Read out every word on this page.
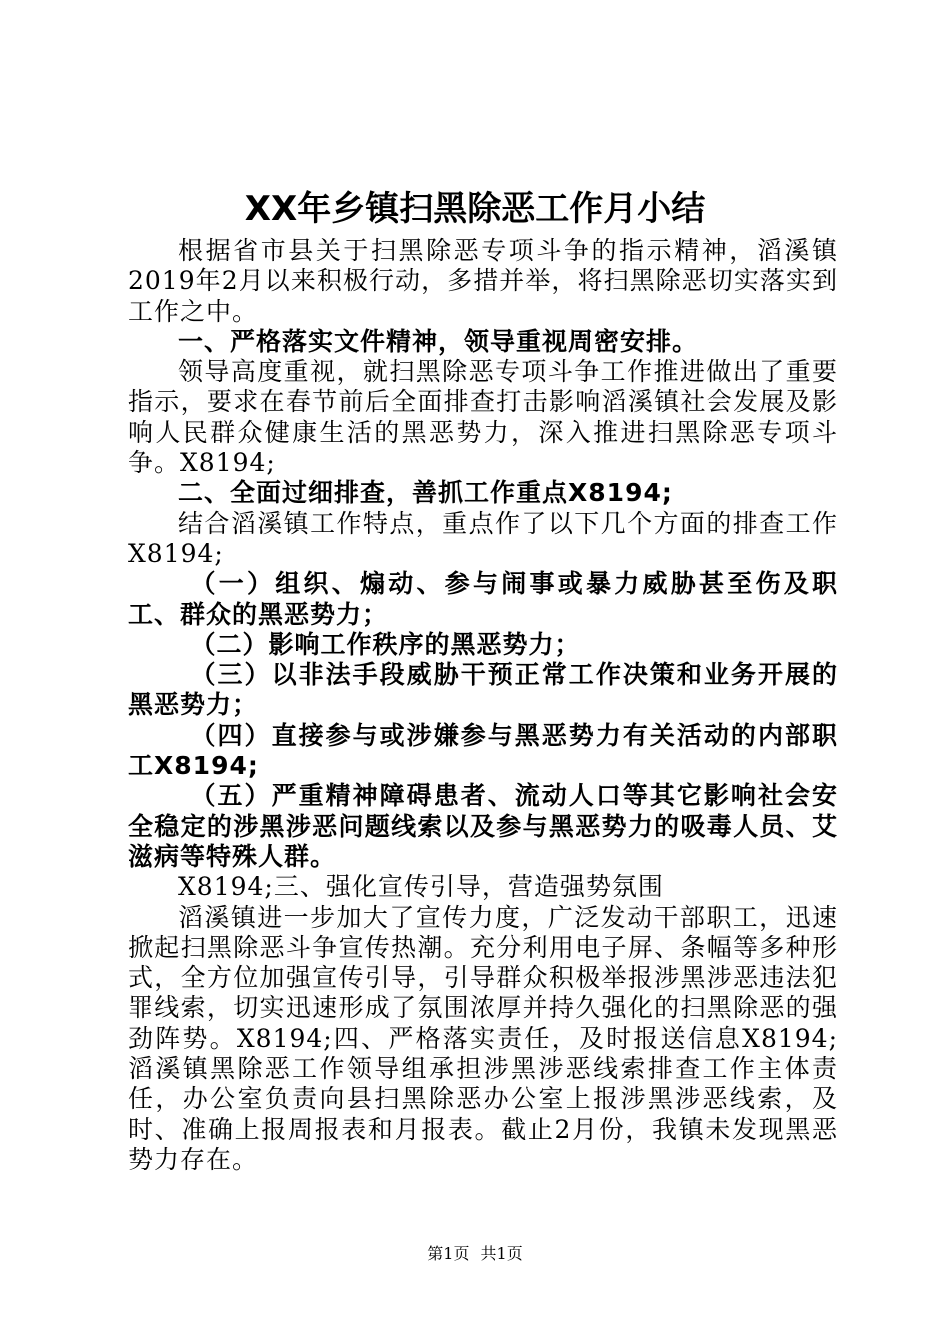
XX年乡镇扫黑除恶工作月小结

根据省市县关于扫黑除恶专项斗争的指示精神，滔溪镇2019年2月以来积极行动，多措并举，将扫黑除恶切实落实到工作之中。

一、严格落实文件精神，领导重视周密安排。

领导高度重视，就扫黑除恶专项斗争工作推进做出了重要指示，要求在春节前后全面排查打击影响滔溪镇社会发展及影响人民群众健康生活的黑恶势力，深入推进扫黑除恶专项斗争。X8194;

二、全面过细排查，善抓工作重点X8194;

结合滔溪镇工作特点，重点作了以下几个方面的排查工作X8194;

（一）组织、煽动、参与闹事或暴力威胁甚至伤及职工、群众的黑恶势力；

（二）影响工作秩序的黑恶势力；

（三）以非法手段威胁干预正常工作决策和业务开展的黑恶势力；

（四）直接参与或涉嫌参与黑恶势力有关活动的内部职工X8194;

（五）严重精神障碍患者、流动人口等其它影响社会安全稳定的涉黑涉恶问题线索以及参与黑恶势力的吸毒人员、艾滋病等特殊人群。

X8194;三、强化宣传引导，营造强势氛围

滔溪镇进一步加大了宣传力度，广泛发动干部职工，迅速掀起扫黑除恶斗争宣传热潮。充分利用电子屏、条幅等多种形式，全方位加强宣传引导，引导群众积极举报涉黑涉恶违法犯罪线索，切实迅速形成了氛围浓厚并持久强化的扫黑除恶的强劲阵势。X8194;四、严格落实责任，及时报送信息X8194;滔溪镇黑除恶工作领导组承担涉黑涉恶线索排查工作主体责任，办公室负责向县扫黑除恶办公室上报涉黑涉恶线索，及时、准确上报周报表和月报表。截止2月份，我镇未发现黑恶势力存在。

第1页 共1页
